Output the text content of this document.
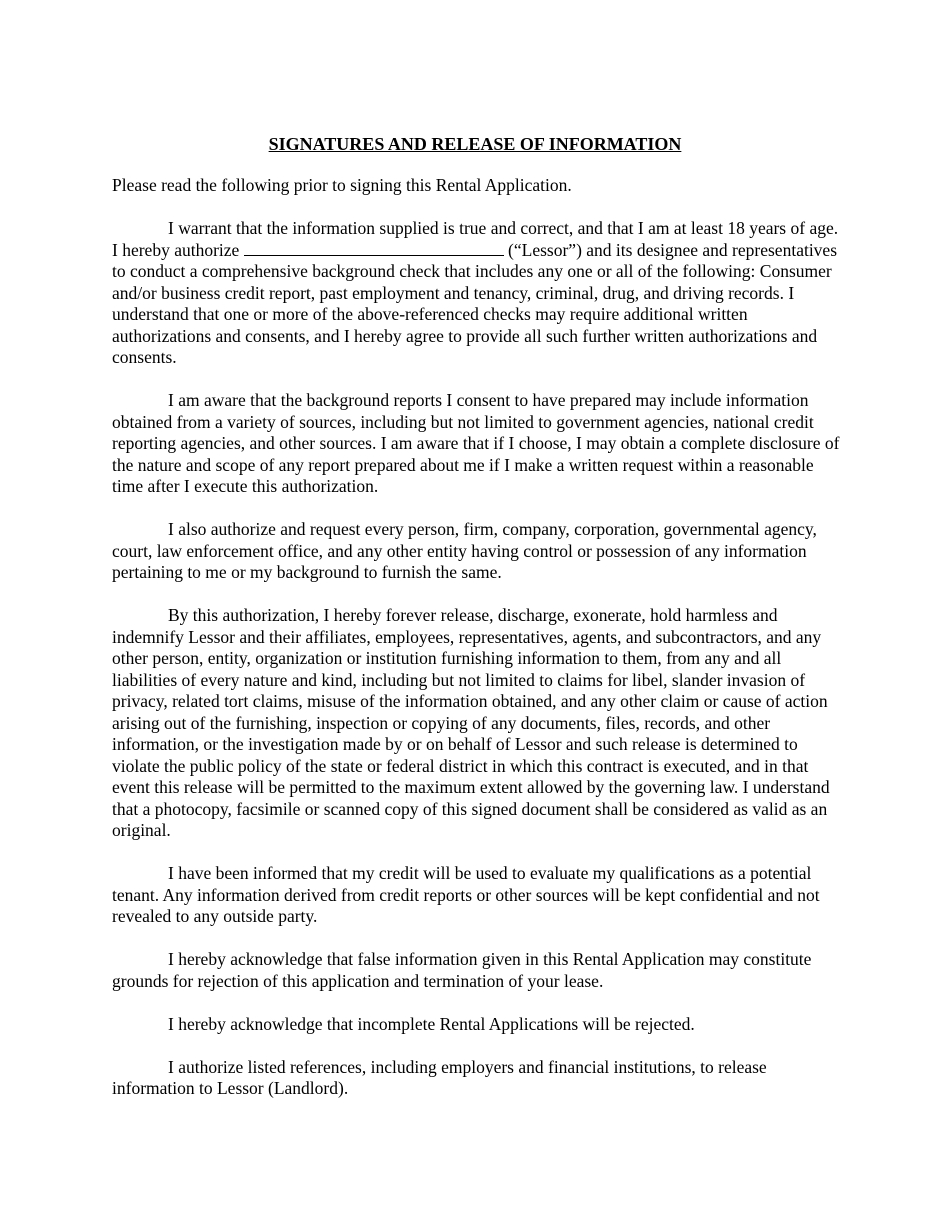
SIGNATURES AND RELEASE OF INFORMATION

Please read the following prior to signing this Rental Application.

I warrant that the information supplied is true and correct, and that I am at least 18 years of age. I hereby authorize	(“Lessor”) and its designee and representatives to conduct a comprehensive background check that includes any one or all of the following: Consumer and/or business credit report, past employment and tenancy, criminal, drug, and driving records. I understand that one or more of the above-referenced checks may require additional written authorizations and consents, and I hereby agree to provide all such further written authorizations and consents.

I am aware that the background reports I consent to have prepared may include information obtained from a variety of sources, including but not limited to government agencies, national credit reporting agencies, and other sources. I am aware that if I choose, I may obtain a complete disclosure of the nature and scope of any report prepared about me if I make a written request within a reasonable time after I execute this authorization.

I also authorize and request every person, firm, company, corporation, governmental agency, court, law enforcement office, and any other entity having control or possession of any information pertaining to me or my background to furnish the same.

By this authorization, I hereby forever release, discharge, exonerate, hold harmless and indemnify Lessor and their affiliates, employees, representatives, agents, and subcontractors, and any other person, entity, organization or institution furnishing information to them, from any and all liabilities of every nature and kind, including but not limited to claims for libel, slander invasion of privacy, related tort claims, misuse of the information obtained, and any other claim or cause of action arising out of the furnishing, inspection or copying of any documents, files, records, and other information, or the investigation made by or on behalf of Lessor and such release is determined to violate the public policy of the state or federal district in which this contract is executed, and in that event this release will be permitted to the maximum extent allowed by the governing law. I understand that a photocopy, facsimile or scanned copy of this signed document shall be considered as valid as an original.

I have been informed that my credit will be used to evaluate my qualifications as a potential tenant. Any information derived from credit reports or other sources will be kept confidential and not revealed to any outside party.

I hereby acknowledge that false information given in this Rental Application may constitute grounds for rejection of this application and termination of your lease.

I hereby acknowledge that incomplete Rental Applications will be rejected.

I authorize listed references, including employers and financial institutions, to release information to Lessor (Landlord).
